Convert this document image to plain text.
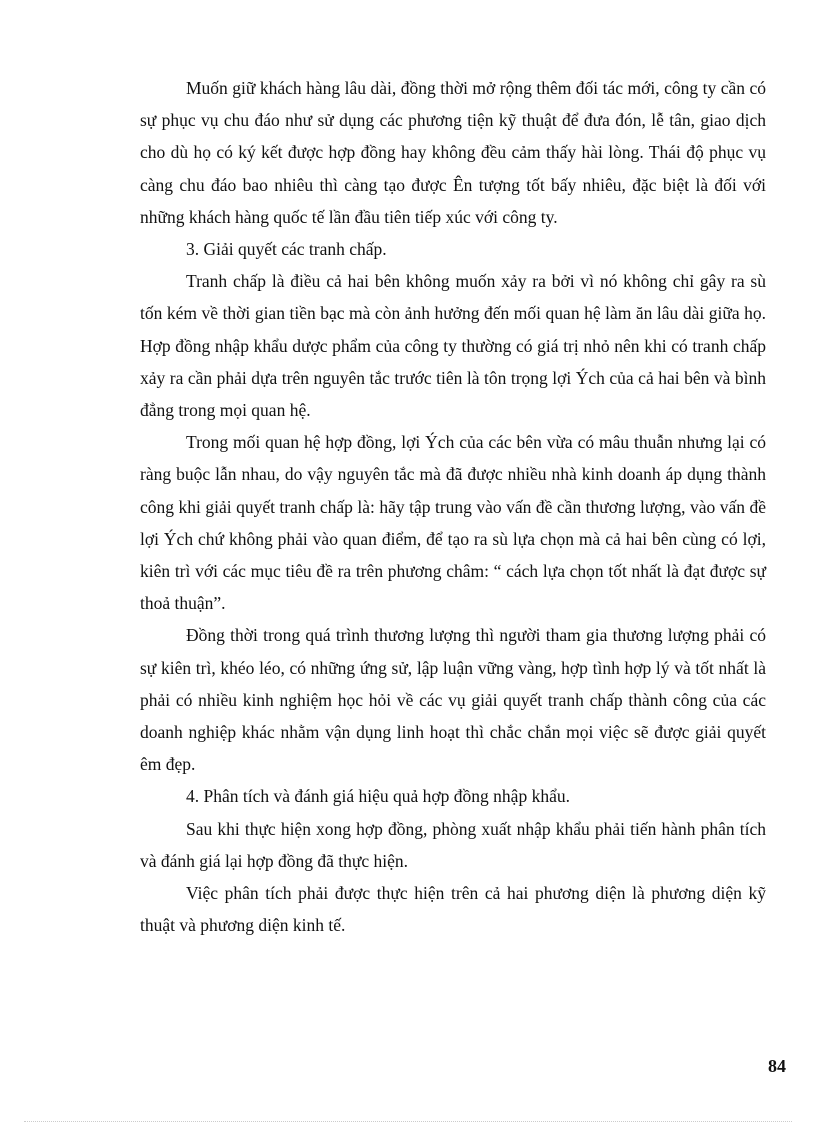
Muốn giữ khách hàng lâu dài, đồng thời mở rộng thêm đối tác mới, công ty cần có sự phục vụ chu đáo như sử dụng các phương tiện kỹ thuật để đưa đón, lễ tân, giao dịch cho dù họ có ký kết được hợp đồng hay không đều cảm thấy hài lòng. Thái độ phục vụ càng chu đáo bao nhiêu thì càng tạo được Ên tượng tốt bấy nhiêu, đặc biệt là đối với những khách hàng quốc tế lần đầu tiên tiếp xúc với công ty.

3. Giải quyết các tranh chấp.

Tranh chấp là điều cả hai bên không muốn xảy ra bởi vì nó không chỉ gây ra sù tốn kém về thời gian tiền bạc mà còn ảnh hưởng đến mối quan hệ làm ăn lâu dài giữa họ. Hợp đồng nhập khẩu dược phẩm của công ty thường có giá trị nhỏ nên khi có tranh chấp xảy ra cần phải dựa trên nguyên tắc trước tiên là tôn trọng lợi Ých của cả hai bên và bình đẳng trong mọi quan hệ.

Trong mối quan hệ hợp đồng, lợi Ých của các bên vừa có mâu thuẫn nhưng lại có ràng buộc lẫn nhau, do vậy nguyên tắc mà đã được nhiều nhà kinh doanh áp dụng thành công khi giải quyết tranh chấp là: hãy tập trung vào vấn đề cần thương lượng, vào vấn đề lợi Ých chứ không phải vào quan điểm, để tạo ra sù lựa chọn mà cả hai bên cùng có lợi, kiên trì với các mục tiêu đề ra trên phương châm: “ cách lựa chọn tốt nhất là đạt được sự thoả thuận”.

Đồng thời trong quá trình thương lượng thì người tham gia thương lượng phải có sự kiên trì, khéo léo, có những ứng sử, lập luận vững vàng, hợp tình hợp lý và tốt nhất là phải có nhiều kinh nghiệm học hỏi về các vụ giải quyết tranh chấp thành công của các doanh nghiệp khác nhằm vận dụng linh hoạt thì chắc chắn mọi việc sẽ được giải quyết êm đẹp.

4. Phân tích và đánh giá hiệu quả hợp đồng nhập khẩu.

Sau khi thực hiện xong hợp đồng, phòng xuất nhập khẩu phải tiến hành phân tích và đánh giá lại hợp đồng đã thực hiện.

Việc phân tích phải được thực hiện trên cả hai phương diện là phương diện kỹ thuật và phương diện kinh tế.

84
